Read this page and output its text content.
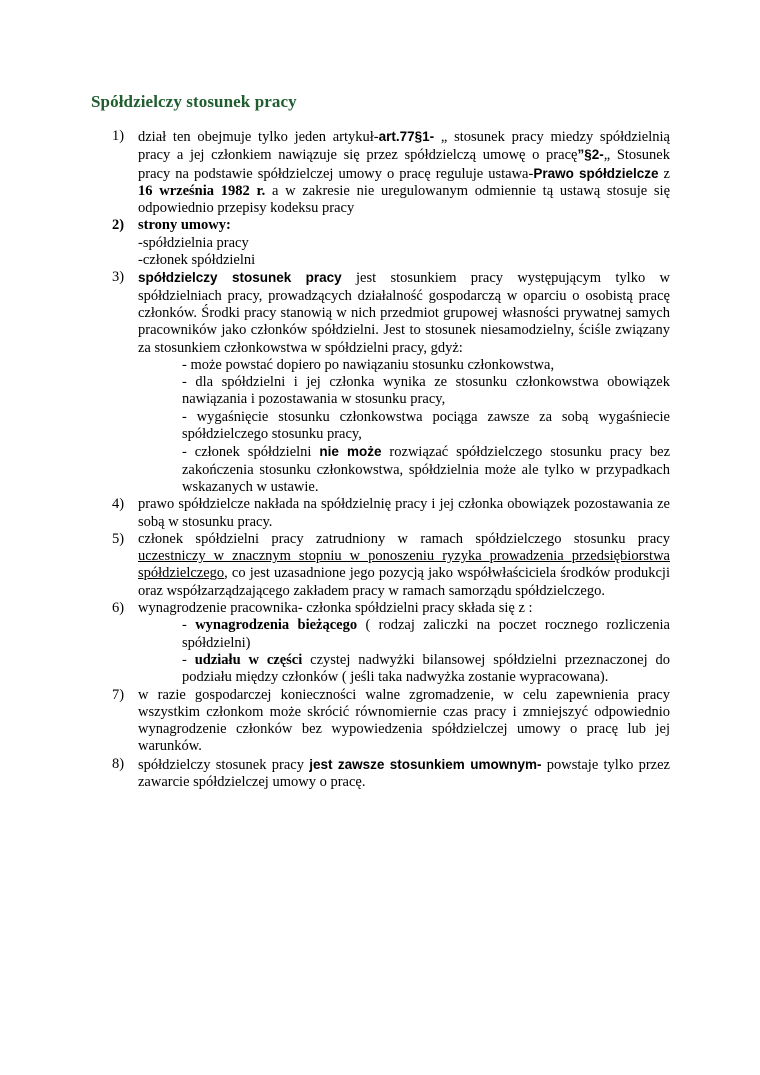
Spółdzielczy stosunek pracy
1) dział ten obejmuje tylko jeden artykuł-art.77§1- „ stosunek pracy miedzy spółdzielnią pracy a jej członkiem nawiązuje się przez spółdzielczą umowę o pracę”§2-„ Stosunek pracy na podstawie spółdzielczej umowy o pracę reguluje ustawa-Prawo spółdzielcze z 16 września 1982 r. a w zakresie nie uregulowanym odmiennie tą ustawą stosuje się odpowiednio przepisy kodeksu pracy
2) strony umowy:
-spółdzielnia pracy
-członek spółdzielni
3)	spółdzielczy stosunek pracy jest stosunkiem pracy występującym tylko w spółdzielniach pracy, prowadzących działalność gospodarczą w oparciu o osobistą pracę członków. Środki pracy stanowią w nich przedmiot grupowej własności prywatnej samych pracowników jako członków spółdzielni. Jest to stosunek niesamodzielny, ściśle związany za stosunkiem członkowstwa w spółdzielni pracy, gdyż:
- może powstać dopiero po nawiązaniu stosunku członkowstwa,
- dla spółdzielni i jej członka wynika ze stosunku członkowstwa obowiązek nawiązania i pozostawania w stosunku pracy,
- wygaśnięcie stosunku członkowstwa pociąga zawsze za sobą wygaśniecie spółdzielczego stosunku pracy,
- członek spółdzielni nie może rozwiązać spółdzielczego stosunku pracy bez zakończenia stosunku członkowstwa, spółdzielnia może ale tylko w przypadkach wskazanych w ustawie.
4) prawo spółdzielcze nakłada na spółdzielnię pracy i jej członka obowiązek pozostawania ze sobą w stosunku pracy.
5) członek spółdzielni pracy zatrudniony w ramach spółdzielczego stosunku pracy uczestniczy w znacznym stopniu w ponoszeniu ryzyka prowadzenia przedsiębiorstwa spółdzielczego, co jest uzasadnione jego pozycją jako współwłaściciela środków produkcji oraz współzarządzającego zakładem pracy w ramach samorządu spółdzielczego.
6) wynagrodzenie pracownika- członka spółdzielni pracy składa się z :
- wynagrodzenia bieżącego ( rodzaj zaliczki na poczet rocznego rozliczenia spółdzielni)
- udziału w części czystej nadwyżki bilansowej spółdzielni przeznaczonej do podziału między członków ( jeśli taka nadwyżka zostanie wypracowana).
7) w razie gospodarczej konieczności walne zgromadzenie, w celu zapewnienia pracy wszystkim członkom może skrócić równomiernie czas pracy i zmniejszyć odpowiednio wynagrodzenie członków bez wypowiedzenia spółdzielczej umowy o pracę lub jej warunków.
8) spółdzielczy stosunek pracy jest zawsze stosunkiem umownym- powstaje tylko przez zawarcie spółdzielczej umowy o pracę.
